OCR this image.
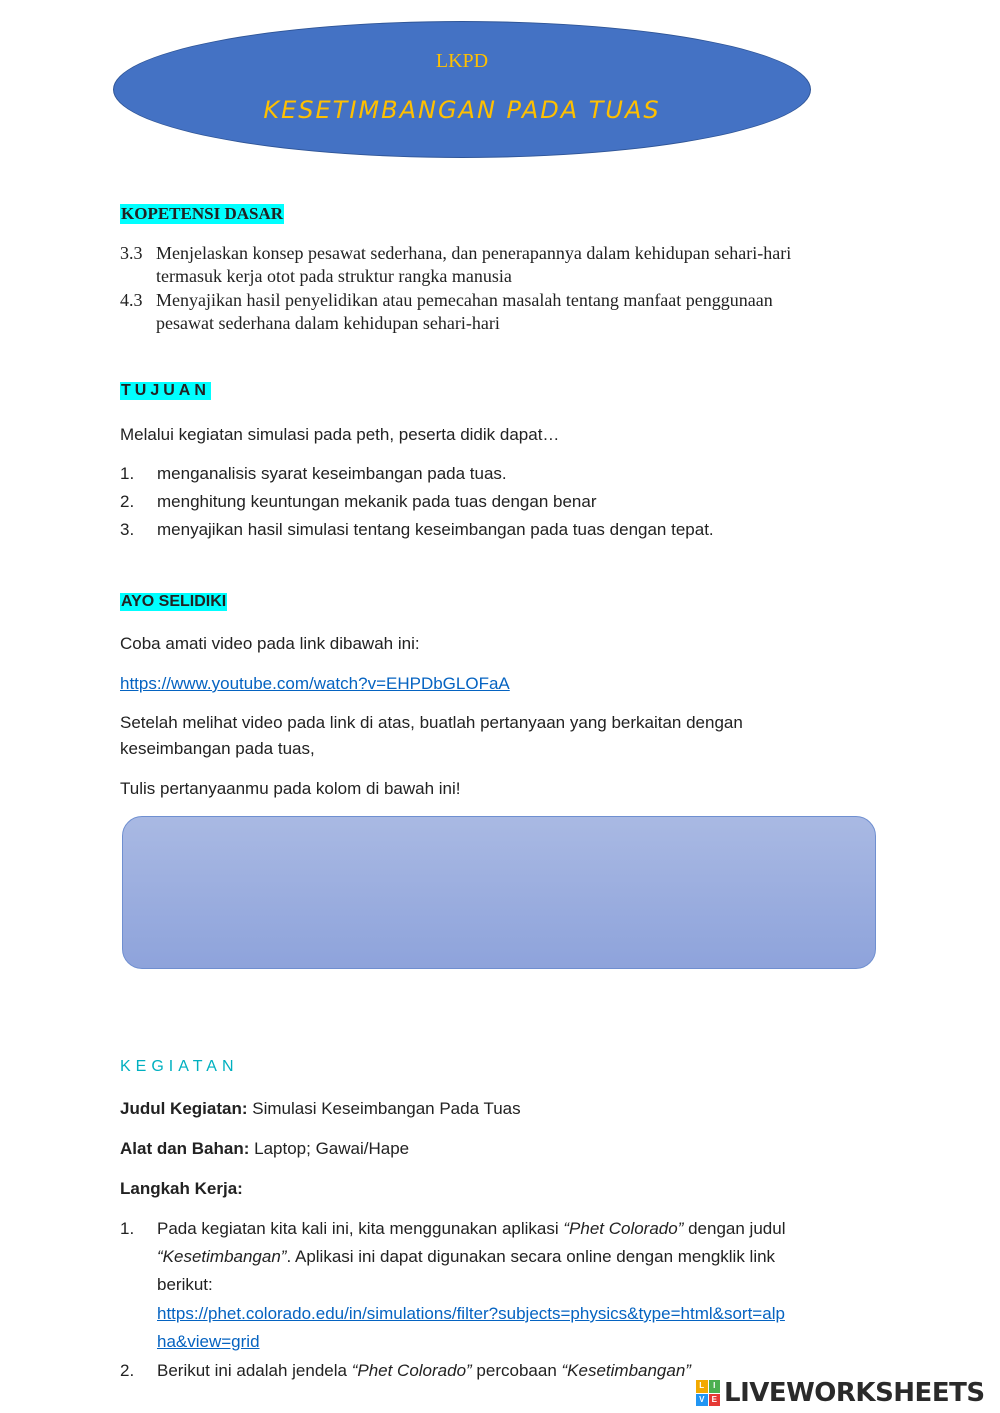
LKPD
KESETIMBANGAN PADA TUAS
KOPETENSI DASAR
3.3 Menjelaskan konsep pesawat sederhana, dan penerapannya dalam kehidupan sehari-hari
termasuk kerja otot pada struktur rangka manusia
4.3 Menyajikan hasil penyelidikan atau pemecahan masalah tentang manfaat penggunaan
pesawat sederhana dalam kehidupan sehari-hari
TUJUAN
Melalui kegiatan simulasi pada peth, peserta didik dapat…
1. menganalisis syarat keseimbangan pada tuas.
2. menghitung keuntungan mekanik pada tuas dengan benar
3. menyajikan hasil simulasi tentang keseimbangan pada tuas dengan tepat.
AYO SELIDIKI
Coba amati video pada link dibawah ini:
https://www.youtube.com/watch?v=EHPDbGLOFaA
Setelah melihat video pada link di atas, buatlah pertanyaan yang berkaitan dengan
keseimbangan pada tuas,
Tulis pertanyaanmu pada kolom di bawah ini!
KEGIATAN
Judul Kegiatan: Simulasi Keseimbangan Pada Tuas
Alat dan Bahan: Laptop; Gawai/Hape
Langkah Kerja:
1. Pada kegiatan kita kali ini, kita menggunakan aplikasi “Phet Colorado” dengan judul
“Kesetimbangan”. Aplikasi ini dapat digunakan secara online dengan mengklik link
berikut:
https://phet.colorado.edu/in/simulations/filter?subjects=physics&type=html&sort=alp
ha&view=grid
2. Berikut ini adalah jendela “Phet Colorado” percobaan “Kesetimbangan”
L	I
V E LIVEWORKSHEETS
